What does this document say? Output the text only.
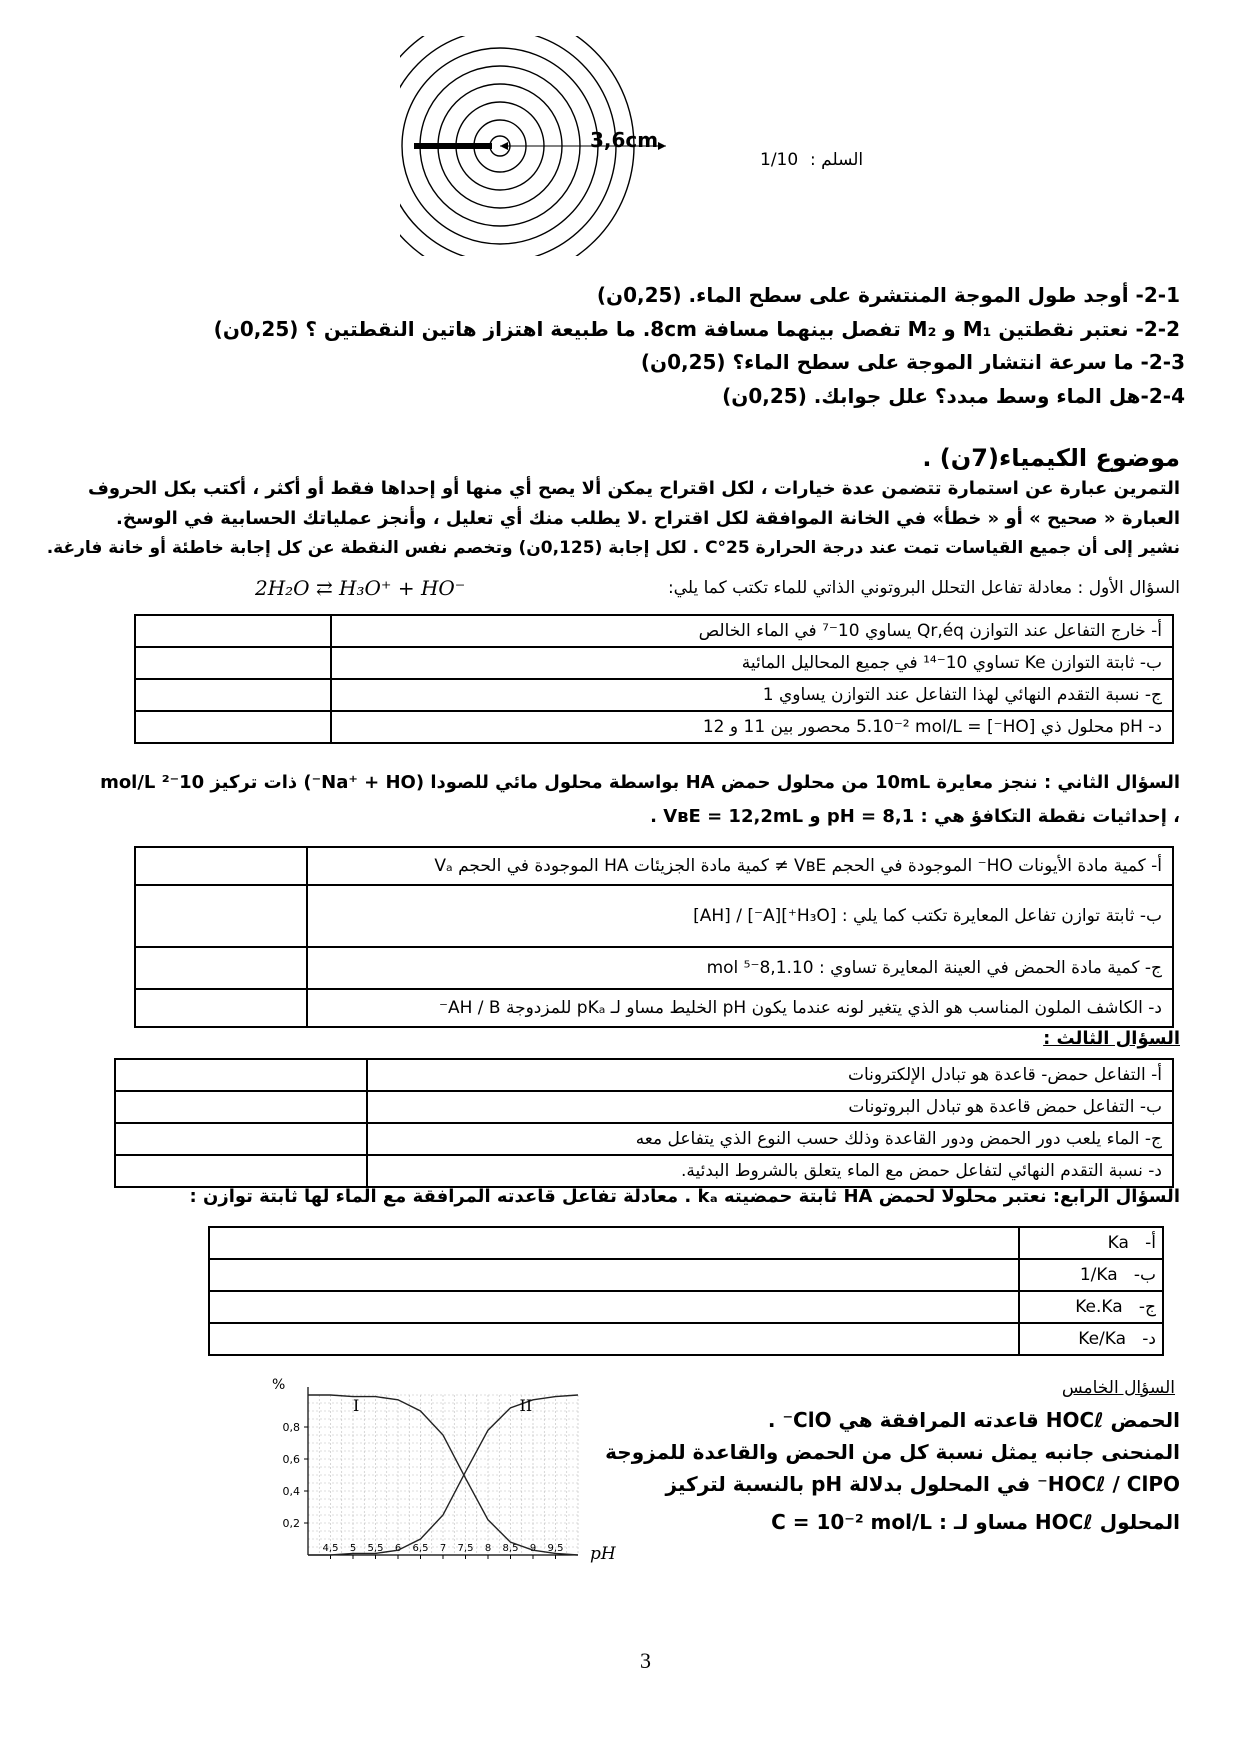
3,6cm
1/10 السلم :
2-1- أوجد طول الموجة المنتشرة على سطح الماء. (0,25ن)
2-2- نعتبر نقطتين M₁ و M₂ تفصل بينهما مسافة 8cm. ما طبيعة اهتزاز هاتين النقطتين ؟ (0,25ن)
2-3- ما سرعة انتشار الموجة على سطح الماء؟ (0,25ن)
2-4-هل الماء وسط مبدد؟ علل جوابك. (0,25ن)
موضوع الكيمياء(7ن) .
التمرين عبارة عن استمارة تتضمن عدة خيارات ، لكل اقتراح يمكن ألا يصح أي منها أو إحداها فقط أو أكثر ، أكتب بكل الحروف
العبارة « صحيح » أو « خطأ» في الخانة الموافقة لكل اقتراح .لا يطلب منك أي تعليل ، وأنجز عملياتك الحسابية في الوسخ.
نشير إلى أن جميع القياسات تمت عند درجة الحرارة 25°C . لكل إجابة (0,125ن) وتخصم نفس النقطة عن كل إجابة خاطئة أو خانة فارغة.
السؤال الأول : معادلة تفاعل التحلل البروتوني الذاتي للماء تكتب كما يلي:
2H₂O ⇄ H₃O⁺ + HO⁻
أ- خارج التفاعل عند التوازن Qr,éq يساوي 10⁻⁷ في الماء الخالص	
ب- ثابتة التوازن Ke تساوي 10⁻¹⁴ في جميع المحاليل المائية	
ج- نسبة التقدم النهائي لهذا التفاعل عند التوازن يساوي 1	
د- pH محلول ذي [HO⁻] = 5.10⁻² mol/L محصور بين 11 و 12	
السؤال الثاني : ننجز معايرة 10mL من محلول حمض HA بواسطة محلول مائي للصودا (Na⁺ + HO⁻) ذات تركيز 10⁻² mol/L
، إحداثيات نقطة التكافؤ هي : pH = 8,1 و VʙE = 12,2mL .
أ- كمية مادة الأيونات HO⁻ الموجودة في الحجم VʙE ≠ كمية مادة الجزيئات HA الموجودة في الحجم Vₐ	
ب- ثابتة توازن تفاعل المعايرة تكتب كما يلي : [H₃O⁺][A⁻] / [AH]	
ج- كمية مادة الحمض في العينة المعايرة تساوي : 8,1.10⁻⁵ mol	
د- الكاشف الملون المناسب هو الذي يتغير لونه عندما يكون pH الخليط مساو لـ pKₐ للمزدوجة AH / B⁻	
السؤال الثالث :
أ- التفاعل حمض- قاعدة هو تبادل الإلكترونات	
ب- التفاعل حمض قاعدة هو تبادل البروتونات	
ج- الماء يلعب دور الحمض ودور القاعدة وذلك حسب النوع الذي يتفاعل معه	
د- نسبة التقدم النهائي لتفاعل حمض مع الماء يتعلق بالشروط البدئية.	
السؤال الرابع: نعتبر محلولا لحمض HA ثابتة حمضيته kₐ . معادلة تفاعل قاعدته المرافقة مع الماء لها ثابتة توازن :
أ-   Ka	
ب-   1/Ka	
ج-   Ke.Ka	
د-   Ke/Ka	
السؤال الخامس
الحمض HOCℓ قاعدته المرافقة هي ClO⁻ .
المنحنى جانبه يمثل نسبة كل من الحمض والقاعدة للمزوجة
HOCℓ / ClPO⁻ في المحلول بدلالة pH بالنسبة لتركيز
المحلول HOCℓ مساو لـ : C = 10⁻² mol/L
0,2
0,4
0,6
0,8
4,5 5 5,5 6 6,5 7 7,5 8 8,5 9 9,5
%
pH
I	II
3
